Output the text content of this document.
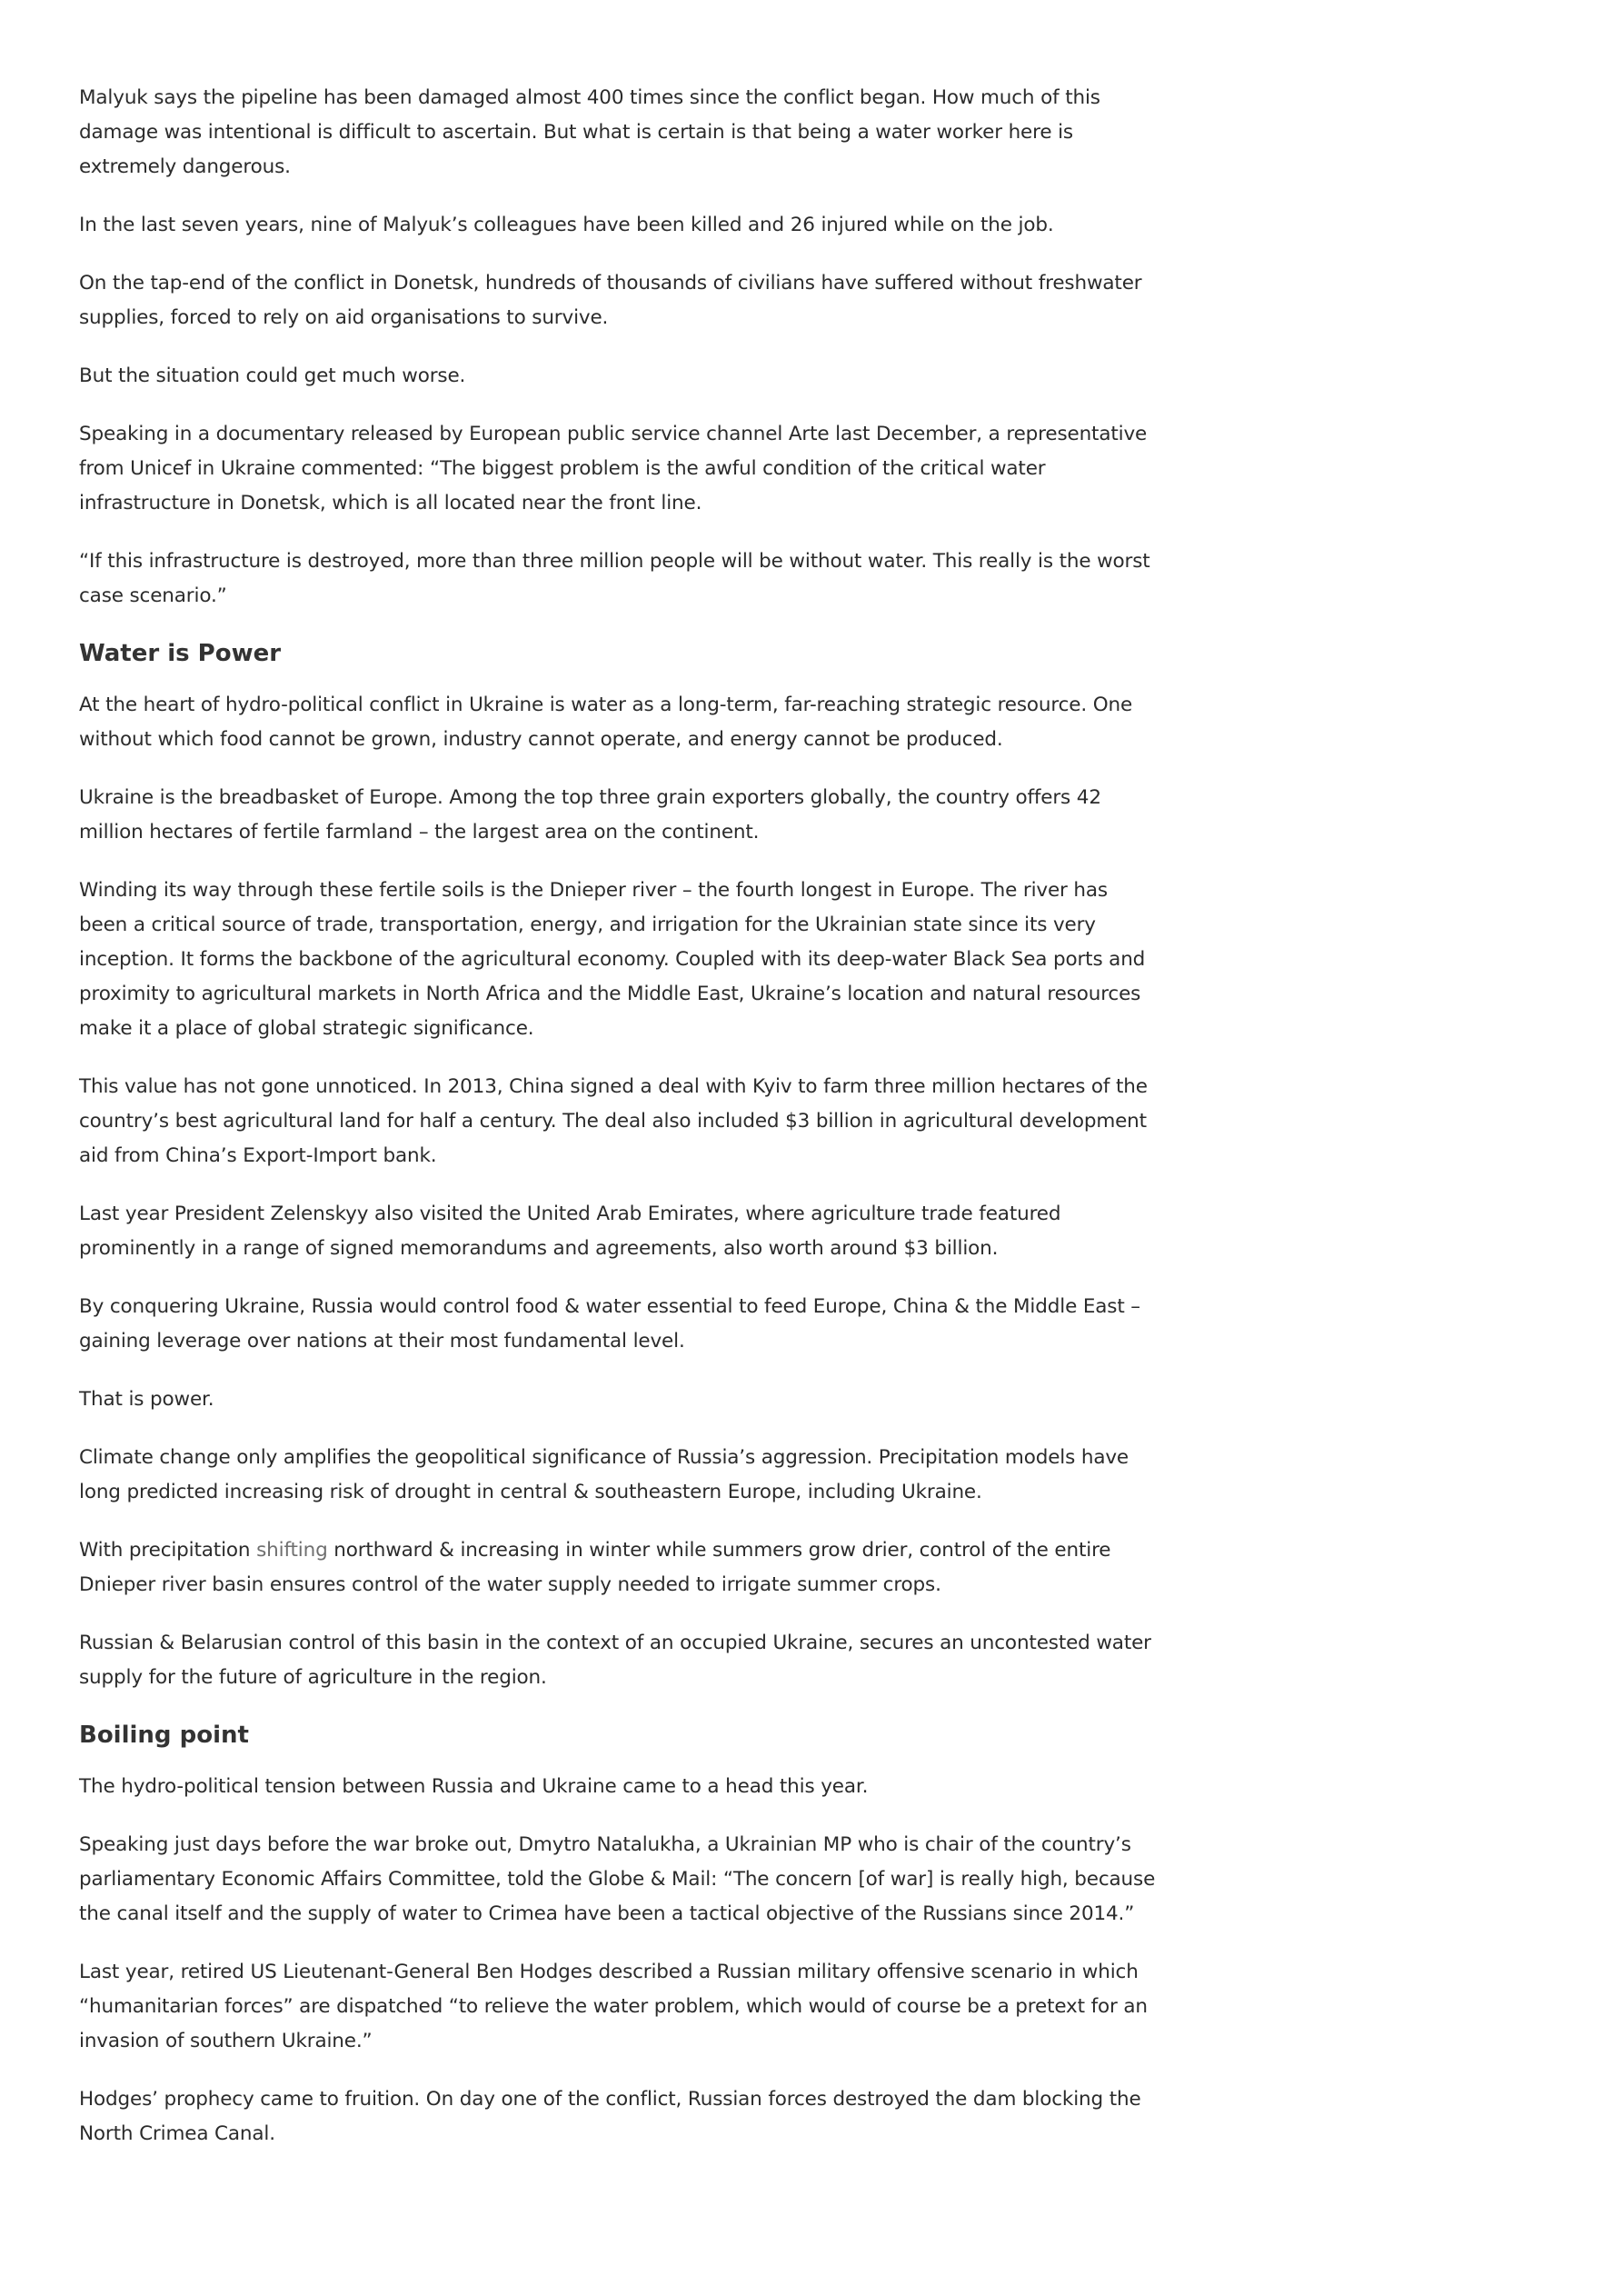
Malyuk says the pipeline has been damaged almost 400 times since the conflict began. How much of this damage was intentional is difficult to ascertain. But what is certain is that being a water worker here is extremely dangerous.

In the last seven years, nine of Malyuk’s colleagues have been killed and 26 injured while on the job.

On the tap-end of the conflict in Donetsk, hundreds of thousands of civilians have suffered without freshwater supplies, forced to rely on aid organisations to survive.

But the situation could get much worse.

Speaking in a documentary released by European public service channel Arte last December, a representative from Unicef in Ukraine commented: “The biggest problem is the awful condition of the critical water infrastructure in Donetsk, which is all located near the front line.

“If this infrastructure is destroyed, more than three million people will be without water. This really is the worst case scenario.”

Water is Power

At the heart of hydro-political conflict in Ukraine is water as a long-term, far-reaching strategic resource. One without which food cannot be grown, industry cannot operate, and energy cannot be produced.

Ukraine is the breadbasket of Europe. Among the top three grain exporters globally, the country offers 42 million hectares of fertile farmland – the largest area on the continent.

Winding its way through these fertile soils is the Dnieper river – the fourth longest in Europe. The river has been a critical source of trade, transportation, energy, and irrigation for the Ukrainian state since its very inception. It forms the backbone of the agricultural economy. Coupled with its deep-water Black Sea ports and proximity to agricultural markets in North Africa and the Middle East, Ukraine’s location and natural resources make it a place of global strategic significance.

This value has not gone unnoticed. In 2013, China signed a deal with Kyiv to farm three million hectares of the country’s best agricultural land for half a century. The deal also included $3 billion in agricultural development aid from China’s Export-Import bank.

Last year President Zelenskyy also visited the United Arab Emirates, where agriculture trade featured prominently in a range of signed memorandums and agreements, also worth around $3 billion.

By conquering Ukraine, Russia would control food & water essential to feed Europe, China & the Middle East – gaining leverage over nations at their most fundamental level.

That is power.

Climate change only amplifies the geopolitical significance of Russia’s aggression. Precipitation models have long predicted increasing risk of drought in central & southeastern Europe, including Ukraine.

With precipitation shifting northward & increasing in winter while summers grow drier, control of the entire Dnieper river basin ensures control of the water supply needed to irrigate summer crops.

Russian & Belarusian control of this basin in the context of an occupied Ukraine, secures an uncontested water supply for the future of agriculture in the region.

Boiling point

The hydro-political tension between Russia and Ukraine came to a head this year.

Speaking just days before the war broke out, Dmytro Natalukha, a Ukrainian MP who is chair of the country’s parliamentary Economic Affairs Committee, told the Globe & Mail: “The concern [of war] is really high, because the canal itself and the supply of water to Crimea have been a tactical objective of the Russians since 2014.”

Last year, retired US Lieutenant-General Ben Hodges described a Russian military offensive scenario in which “humanitarian forces” are dispatched “to relieve the water problem, which would of course be a pretext for an invasion of southern Ukraine.”

Hodges’ prophecy came to fruition. On day one of the conflict, Russian forces destroyed the dam blocking the North Crimea Canal.
